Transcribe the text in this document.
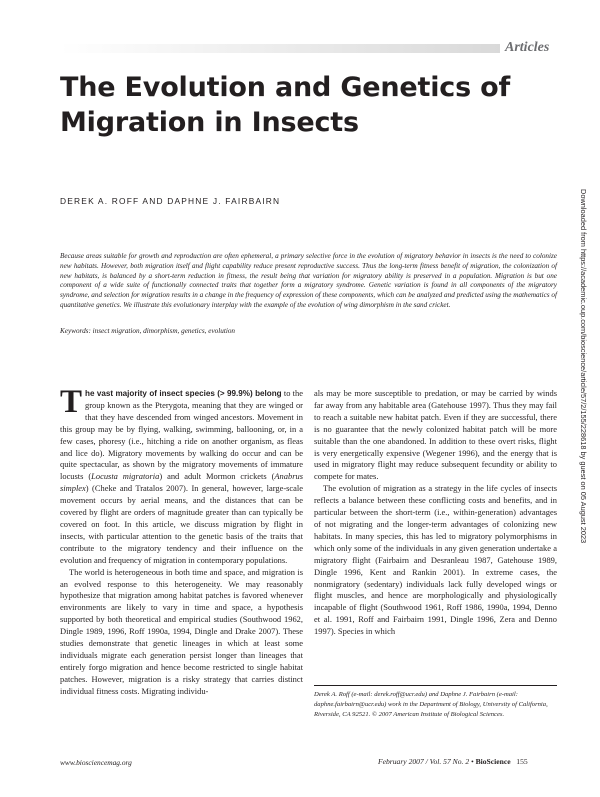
Articles
The Evolution and Genetics of Migration in Insects
DEREK A. ROFF AND DAPHNE J. FAIRBAIRN

Because areas suitable for growth and reproduction are often ephemeral, a primary selective force in the evolution of migratory behavior in insects is the need to colonize new habitats. However, both migration itself and flight capability reduce present reproductive success. Thus the long-term fitness benefit of migration, the colonization of new habitats, is balanced by a short-term reduction in fitness, the result being that variation for migratory ability is preserved in a population. Migration is but one component of a wide suite of functionally connected traits that together form a migratory syndrome. Genetic variation is found in all components of the migratory syndrome, and selection for migration results in a change in the frequency of expression of these components, which can be analyzed and predicted using the mathematics of quantitative genetics. We illustrate this evolutionary interplay with the example of the evolution of wing dimorphism in the sand cricket.

Keywords: insect migration, dimorphism, genetics, evolution

The vast majority of insect species (> 99.9%) belong to the group known as the Pterygota, meaning that they are winged or that they have descended from winged ancestors. Movement in this group may be by flying, walking, swimming, ballooning, or, in a few cases, phoresy (i.e., hitching a ride on another organism, as fleas and lice do). Migratory movements by walking do occur and can be quite spectacular, as shown by the migratory movements of immature locusts (Locusta migratoria) and adult Mormon crickets (Anabrus simplex) (Cheke and Tratalos 2007). In general, however, large-scale movement occurs by aerial means, and the distances that can be covered by flight are orders of magnitude greater than can typically be covered on foot. In this article, we discuss migration by flight in insects, with particular attention to the genetic basis of the traits that contribute to the migratory tendency and their influence on the evolution and frequency of migration in contemporary populations.

The world is heterogeneous in both time and space, and migration is an evolved response to this heterogeneity. We may reasonably hypothesize that migration among habitat patches is favored whenever environments are likely to vary in time and space, a hypothesis supported by both theoretical and empirical studies (Southwood 1962, Dingle 1989, 1996, Roff 1990a, 1994, Dingle and Drake 2007). These studies demonstrate that genetic lineages in which at least some individuals migrate each generation persist longer than lineages that entirely forgo migration and hence become restricted to single habitat patches. However, migration is a risky strategy that carries distinct individual fitness costs. Migrating individu-

als may be more susceptible to predation, or may be carried by winds far away from any habitable area (Gatehouse 1997). Thus they may fail to reach a suitable new habitat patch. Even if they are successful, there is no guarantee that the newly colonized habitat patch will be more suitable than the one abandoned. In addition to these overt risks, flight is very energetically expensive (Wegener 1996), and the energy that is used in migratory flight may reduce subsequent fecundity or ability to compete for mates.

The evolution of migration as a strategy in the life cycles of insects reflects a balance between these conflicting costs and benefits, and in particular between the short-term (i.e., within-generation) advantages of not migrating and the longer-term advantages of colonizing new habitats. In many species, this has led to migratory polymorphisms in which only some of the individuals in any given generation undertake a migratory flight (Fairbairn and Desranleau 1987, Gatehouse 1989, Dingle 1996, Kent and Rankin 2001). In extreme cases, the nonmigratory (sedentary) individuals lack fully developed wings or flight muscles, and hence are morphologically and physiologically incapable of flight (Southwood 1961, Roff 1986, 1990a, 1994, Denno et al. 1991, Roff and Fairbairn 1991, Dingle 1996, Zera and Denno 1997). Species in which

Derek A. Roff (e-mail: derek.roff@ucr.edu) and Daphne J. Fairbairn (e-mail: daphne.fairbairn@ucr.edu) work in the Department of Biology, University of California, Riverside, CA 92521. © 2007 American Institute of Biological Sciences.

www.biosciencemag.org	February 2007 / Vol. 57 No. 2 • BioScience 155
Downloaded from https://academic.oup.com/bioscience/article/57/2/155/228618 by guest on 05 August 2023
